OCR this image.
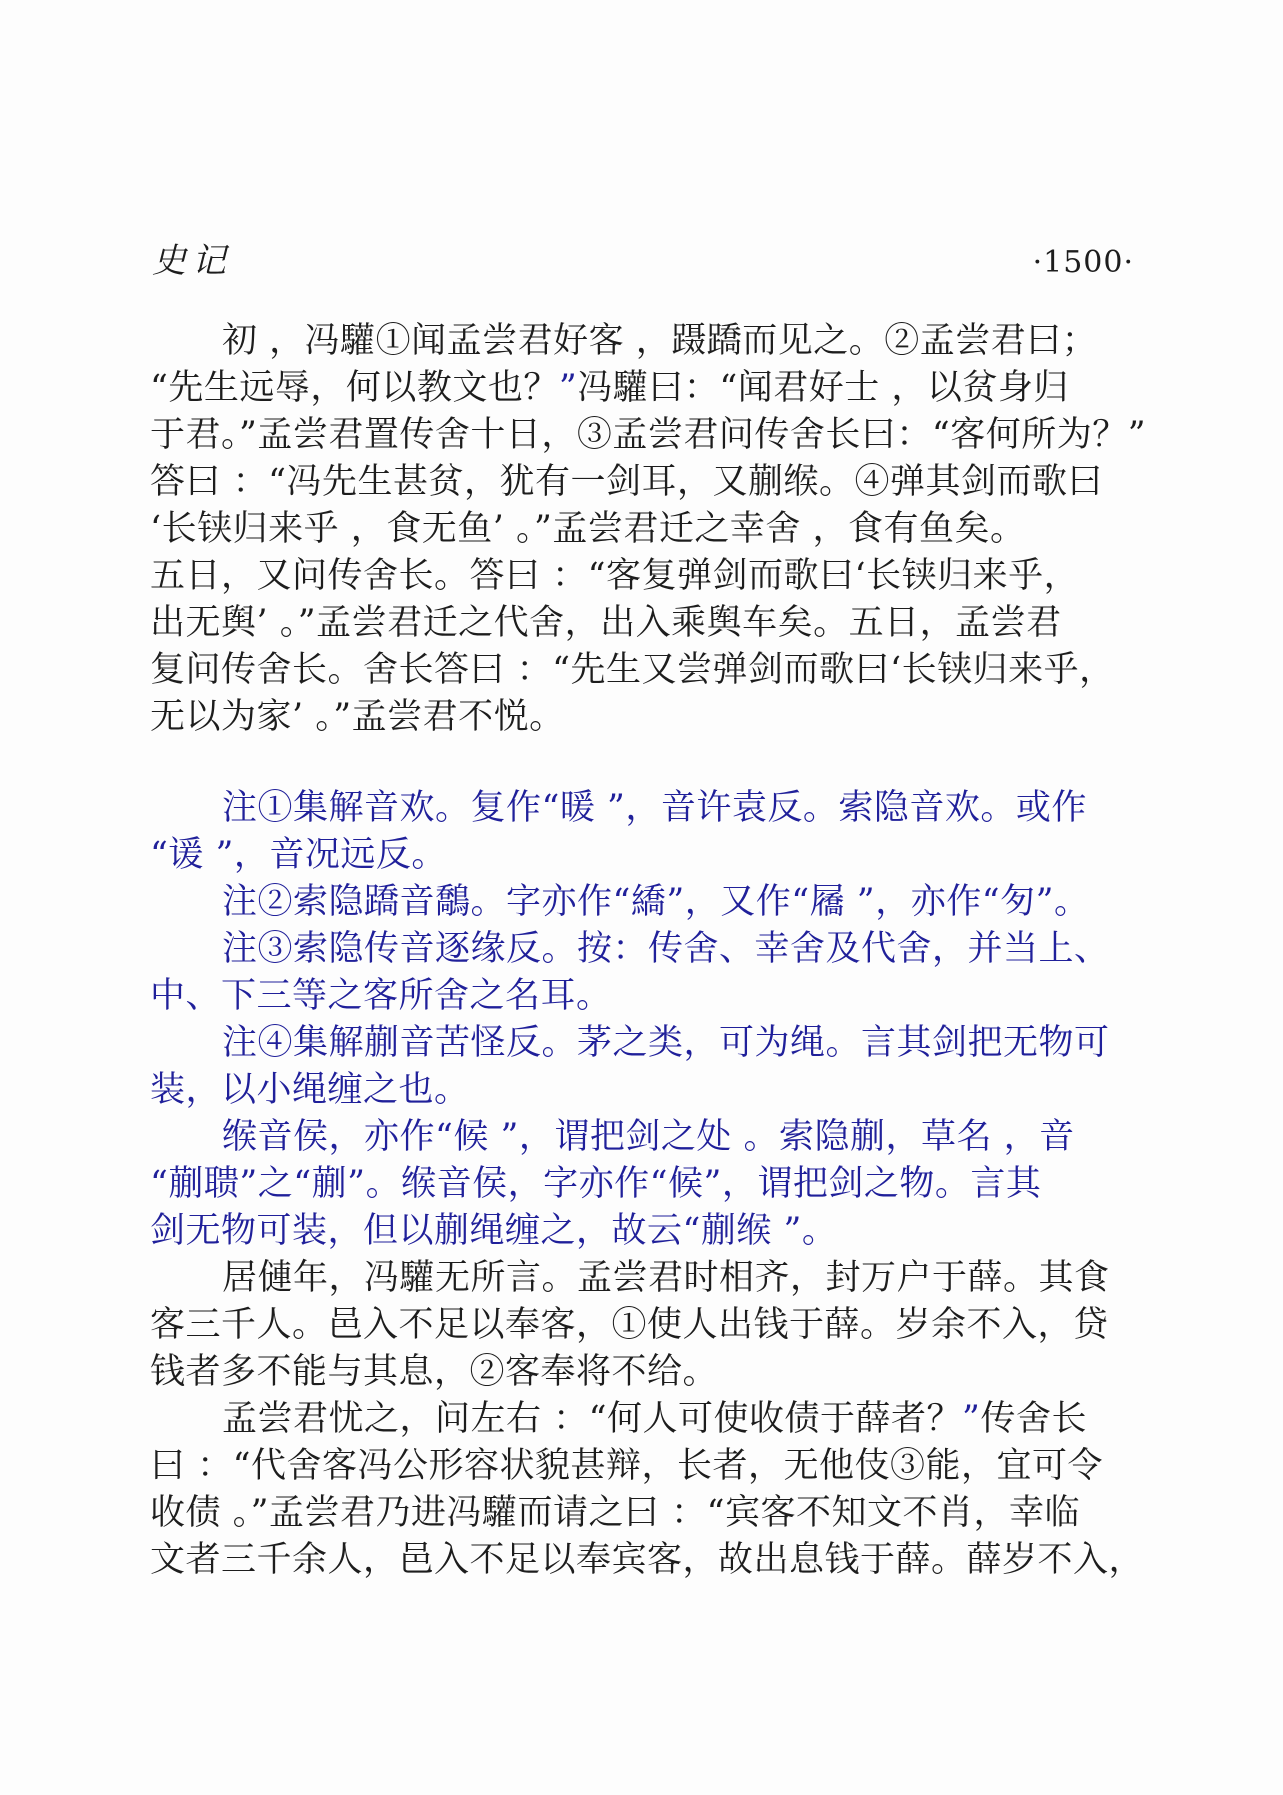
史记	·1500·
初 ，冯驩①闻孟尝君好客 ，蹑蹻而见之。②孟尝君曰；
“先生远辱，何以教文也？”冯驩曰：“闻君好士 ，以贫身归
于君。”孟尝君置传舍十日，③孟尝君问传舍长曰：“客何所为？”
答曰 ：“冯先生甚贫，犹有一剑耳，又蒯缑。④弹其剑而歌曰
‘长铗归来乎 ，食无鱼’ 。”孟尝君迁之幸舍 ，食有鱼矣。
五日，又问传舍长。答曰 ：“客复弹剑而歌曰‘长铗归来乎，
出无舆’ 。”孟尝君迁之代舍，出入乘舆车矣。五日，孟尝君
复问传舍长。舍长答曰 ：“先生又尝弹剑而歌曰‘长铗归来乎，
无以为家’ 。”孟尝君不悦。
注①集解音欢。复作“暖 ”，音许袁反。索隐音欢。或作
“谖 ”，音况远反。
注②索隐蹻音鷮。字亦作“繑”，又作“屩 ”，亦作“匇”。
注③索隐传音逐缘反。按：传舍、幸舍及代舍，并当上、
中、下三等之客所舍之名耳。
注④集解蒯音苦怪反。茅之类，可为绳。言其剑把无物可
装，以小绳缠之也。
缑音侯，亦作“候 ”，谓把剑之处 。索隐蒯，草名 ，音
“蒯聩”之“蒯”。缑音侯，字亦作“候”，谓把剑之物。言其
剑无物可装，但以蒯绳缠之，故云“蒯缑 ”。
居僆年，冯驩无所言。孟尝君时相齐，封万户于薛。其食
客三千人。邑入不足以奉客，①使人出钱于薛。岁余不入，贷
钱者多不能与其息，②客奉将不给。
孟尝君忧之，问左右 ：“何人可使收债于薛者？”传舍长
曰 ：“代舍客冯公形容状貌甚辩，长者，无他伎③能，宜可令
收债 。”孟尝君乃进冯驩而请之曰 ：“宾客不知文不肖，幸临
文者三千余人，邑入不足以奉宾客，故出息钱于薛。薛岁不入，
